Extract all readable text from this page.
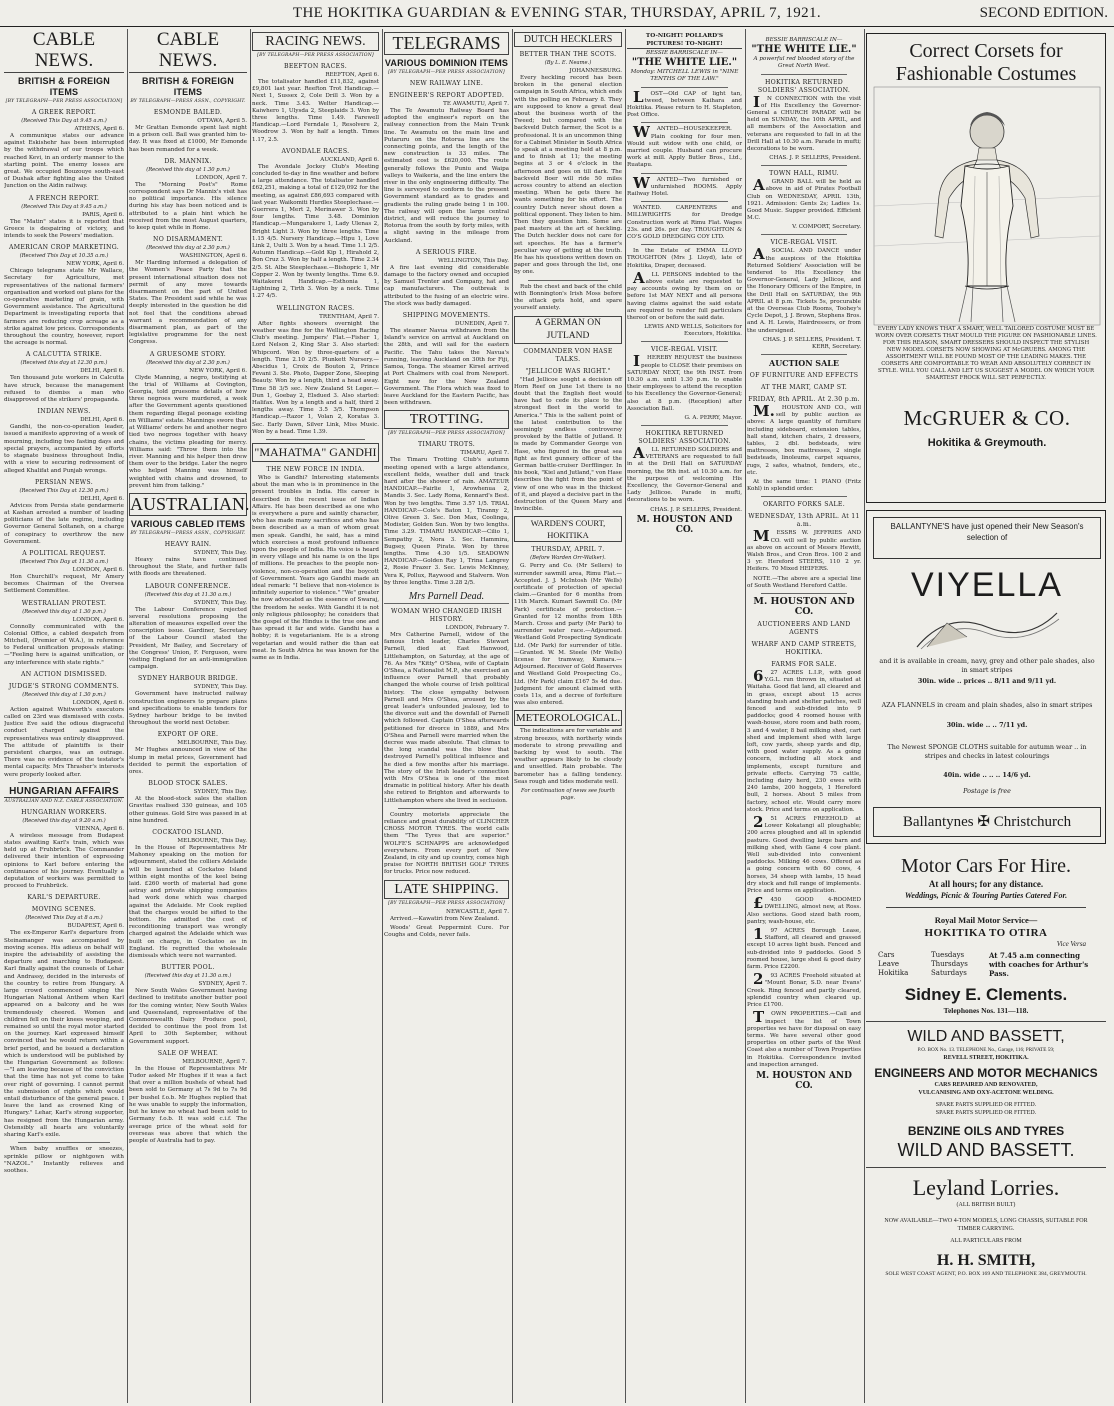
THE HOKITIKA GUARDIAN & EVENING STAR, THURSDAY, APRIL 7, 1921.	SECOND EDITION.
CABLE NEWS.
BRITISH & FOREIGN ITEMS
[BY TELEGRAPH—PER PRESS ASSOCIATION]
A GREEK REPORT.
(Received This Day at 9.45 a.m.)

ATHENS, April 6.

A communique states our advance against Eskishehr has been interrupted by the withdrawal of our troops which reached Kevi, in an orderly manner to the starting point. The enemy losses are great. We occupied Bouzouye south-east of Dushak after fighting also the United Junction on the Aidin railway.

A FRENCH REPORT.
(Received This Day at 9.45 a.m.)

PARIS, April 6.

The "Matin" states it is reported that Greece is despairing of victory, and intends to seek the Powers' mediation.

AMERICAN CROP MARKETING.
(Received This Day at 10.35 a.m.)

NEW YORK, April 6.

Chicago telegrams state Mr Wallace, Secretary for Agriculture, met representatives of the national farmers' organisation and worked out plans for the co-operative marketing of grain, with Government assistance. The Agricultural Department is investigating reports that farmers are reducing crop acreage as a strike against low prices. Correspondents throughout the country, however, report the acreage is normal.

A CALCUTTA STRIKE.
(Received this day at 12.30 p.m.)

DELHI, April 6.

Ten thousand jute workers in Calcutta have struck, because the management refused to dismiss a man who disapproved of the strikers' propaganda.

INDIAN NEWS.

DELHI, April 6.

Gandhi, the non-co-operation leader, issued a manifesto approving of a week of mourning, including two fasting days and special prayers, accompanied by efforts to stagnate business throughout India, with a view to securing redressment of alleged Khalifat and Punjab wrongs.

PERSIAN NEWS.
(Received This Day at 12.30 p.m.)

DELHI, April 6.

Advices from Persia state gendarmerie at Kashan arrested a number of leading politicians of the late regime, including Governor General Soltaneh, on a charge of conspiracy to overthrow the new Government.

A POLITICAL REQUEST.
(Received This Day at 11.30 a.m.)

LONDON, April 6.

Hon Churchill's request, Mr Amery becomes Chairman of the Oversea Settlement Committee.

WESTRALIAN PROTEST.
(Received this day at 1.30 p.m.)

LONDON, April 6.

Connolly communicated with the Colonial Office, a cabled despatch from Mitchell, (Premier of W.A.), in reference to Federal unification proposals stating:—"Feeling here is against unification, or any interference with state rights."

AN ACTION DISMISSED.
JUDGE'S STRONG COMMENTS.
(Received this day at 1.30 p.m.)

LONDON, April 6.

Action against Whitworth's executors called on 23rd was dismissed with costs. Justice Eve said the odious disgraceful conduct charged against the representatives was entirely disapproved. The attitude of plaintiffs is their persistent charges, was an outrage. There was no evidence of the testator's mental capacity. Mrs Thrasher's interests were properly looked after.

HUNGARIAN AFFAIRS
AUSTRALIAN AND N.Z. CABLE ASSOCIATION.
HUNGARIAN WORKERS.
(Received this day at 9.20 a.m.)

VIENNA, April 6.

A wireless message from Budapest states awaiting Karl's train, which was held up at Fruhbrück. The Commander delivered their intention of expressing opinions to Karl before entering the continuance of his journey. Eventually a deputation of workers was permitted to proceed to Fruhbrück.

KARL'S DEPARTURE.
MOVING SCENES.
(Received This Day at 8 a.m.)

BUDAPEST, April 6.

The ex-Emperor Karl's departure from Steinamanger was accompanied by moving scenes. His adieus on behalf will inspire the advisability of assisting the departure and marching to Budapest. Karl finally against the counsels of Lehar and Andrassy, decided in the interests of the country to retire from Hungary. A large crowd commenced singing the Hungarian National Anthem when Karl appeared on a balcony and he was tremendously cheered. Women and children fell on their knees weeping, and remained so until the royal motor started on the journey. Karl expressed himself convinced that he would return within a brief period, and he issued a declaration which is understood will be published by the Hungarian Government as follows:—"I am leaving because of the conviction that the time has not yet come to take over right of governing. I cannot permit the submission of rights which would entail disturbance of the general peace. I leave the land as crowned King of Hungary." Lehar, Karl's strong supporter, has resigned from the Hungarian army. Ostensibly all hearts are voluntarily sharing Karl's exile.

When baby snuffles or sneezes, sprinkle pillow or nightgown with "NAZOL." Instantly relieves and soothes.

CABLE NEWS.
BRITISH & FOREIGN ITEMS
BY TELEGRAPH—PRESS ASSN., COPYRIGHT.
ESMONDE BAILED.

OTTAWA, April 5.

Mr Grattan Esmonde spent last night in a prison cell. Bail was granted him to-day. It was fixed at £1000, Mr Esmonde has been remanded for a week.

DR. MANNIX.
(Received this day at 1.30 p.m.)

LONDON, April 7.

The "Morning Post's" Rome correspondent says Dr Mannix's visit has no political importance. His silence during his stay has been noticed and is attributed to a plain hint which he received from the most August quarters, to keep quiet while in Rome.

NO DISARMAMENT.
(Received this day at 2.30 p.m.)

WASHINGTON, April 6.

Mr Harding informed a delegation of the Women's Peace Party that the present international situation does not permit of any move towards disarmament on the part of United States. The President said while he was deeply interested in the question he did not feel that the conditions abroad warrant a recommendation of any disarmament plan, as part of the legislative programme for the next Congress.

A GRUESOME STORY.
(Received this day at 2.30 p.m.)

NEW YORK, April 6.

Clyde Manning, a negro, testifying at the trial of Williams at Covington, Georgia, told gruesome details of how three negroes were murdered, a week after the Government agents questioned them regarding illegal peonage existing on Williams' estate. Mannings swore that at Williams' orders he and another negro tied two negroes together with heavy chains, the victims pleading for mercy. Williams said: "Throw them into the river. Manning and his helper then drew them over to the bridge. Later the negro who helped Manning was himself weighted with chains and drowned, to prevent him from talking."

AUSTRALIAN.
VARIOUS CABLED ITEMS
BY TELEGRAPH—PRESS ASSN., COPYRIGHT.
HEAVY RAIN.

SYDNEY, This Day.

Heavy rains have continued throughout the State, and further falls with floods are threatened.

LABOUR CONFERENCE.
(Received this day at 11.30 a.m.)

SYDNEY, This Day.

The Labour Conference rejected several resolutions proposing the alteration of measures expelled over the conscription issue. Gardiner, Secretary of the Labour Council stated the President, Mr Bailey, and Secretary of the Congress' Union, F. Ferguson, were visiting England for an anti-immigration campaign.

SYDNEY HARBOUR BRIDGE.

SYDNEY, This Day.

Government have instructed railway construction engineers to prepare plans and specifications to enable tenders for Sydney harbour bridge to be invited throughout the world next October.

EXPORT OF ORE.

MELBOURNE, This Day.

Mr Hughes announced in view of the slump in metal prices, Government had decided to permit the exportation of ores.

BLOOD STOCK SALES.

SYDNEY, This Day.

At the blood-stock sales the stallion Gravitas realised 330 guineas, and 105 other guineas. Gold Sire was passed in at nine hundred.

COCKATOO ISLAND.

MELBOURNE, This Day.

In the House of Representatives Mr Mahoney speaking on the motion for adjournment, stated the colliers Adelaide will be launched at Cockatoo Island within eight months of the keel being laid. £260 worth of material had gone astray and private shipping companies had work done which was charged against the Adelaide. Mr Cook replied that the charges would be sifted to the bottom. He admitted the cost of reconditioning transport was wrongly charged against the Adelaide which was built on charge, in Cockatoo as in England. He regretted the wholesale dismissals which were not warranted.

BUTTER POOL.
(Received this day at 11.30 a.m.)

SYDNEY, April 7.

New South Wales Government having declined to institute another butter pool for the coming winter, New South Wales and Queensland, representative of the Commonwealth Dairy Produce pool, decided to continue the pool from 1st April to 30th September, without Government support.

SALE OF WHEAT.

MELBOURNE, April 7.

In the House of Representatives Mr Tudor asked Mr Hughes if it was a fact that over a million bushels of wheat had been sold to Germany at 7s 9d to 7s 9d per bushel f.o.b. Mr Hughes replied that he was unable to supply the information, but he knew no wheat had been sold to Germany f.o.b. It was sold c.i.f. The average price of the wheat sold for overseas was above that which the people of Australia had to pay.

RACING NEWS.
[BY TELEGRAPH—PER PRESS ASSOCIATION]
BEEFTON RACES.

REEFTON, April 6.

The totalisator handled £11,832, against £9,801 last year. Reefton Trot Handicap.—Next 1, Sussex 2, Cole Drill 3. Won by a neck. Time 3.43. Welter Handicap.—Kaiwhero 1, Ulysda 2, Steeplaids 3. Won by three lengths. Time 1.49. Farewell Handicap.—Lord Ferndale 1, Resolvere 2, Woodrow 3. Won by half a length. Times 1.17, 2.5.

AVONDALE RACES.

AUCKLAND, April 6.

The Avondale Jockey Club's Meeting concluded to-day in fine weather and before a large attendance. The totalisator handled £62,251, making a total of £129,092 for the meeting, as against £86,693 compared with last year. Waikomiti Hurdles Steeplechase.—Guerrera 1, Mert 2, Merinawer 3. Won by four lengths. Time 3.48. Dominion Handicap.—Mungarakere 1, Lady Ulenas 2, Bright Light 3. Won by three lengths. Time 1.15 4/5. Nursery Handicap.—Hipu 1, Love Link 2, Uulti 3. Won by a head. Time 1.1 2/5. Autumn Handicap.—Gold Kip 1, Hirahold 2, Bon Cruz 3. Won by half a length. Time 2.34 2/5. St. Albe Steeplechase.—Bishopric 1, Mr Copper 2. Won by twenty lengths. Time 6.9. Waitakerei Handicap.—Esthonia 1, Lightning 2, Tirth 3. Won by a neck. Time 1.27 4/5.

WELLINGTON RACES.

TRENTHAM, April 7.

After fights showers overnight the weather was fine for the Wellington Racing Club's meeting. Jumpers' Flat.—Fisher 1, Lord Nelson 2, King Star 3. Also started: Whipcord. Won by three-quarters of a length. Time 2.10 2/5. Plunkett Nursery.—Abscidus 1, Croix de Bouton 2, Prince Fevani 3. Ste. Photo, Dapper Zone, Sleeping Beauty. Won by a length, third a head away. Time 58 3/5 sec. New Zealand St Leger.—Dun 1, Goebay 2, Elsdued 3. Also started: Halifax. Won by a length and a half, third 2 lengths away. Time 3.5 3/5. Thompson Handicap.—Razor 1, Volan 2, Koratas 3. Sec. Early Dawn, Silver Link, Miss Music. Won by a head. Time 1.39.

"MAHATMA" GANDHI
THE NEW FORCE IN INDIA.

Who is Gandhi? Interesting statements about the man who is in prominence in the present troubles in India. His career is described in the recent issue of Indian Affairs. He has been described as one who is everywhere a pure and saintly character, who has made many sacrifices and who has been described as a man of whom great men speak. Gandhi, he said, has a mind which exercises a most profound influence upon the people of India. His voice is heard in every village and his name is on the lips of millions. He preaches to the people non-violence, non-co-operation and the boycott of Government. Years ago Gandhi made an ideal remark: "I believe that non-violence is infinitely superior to violence." "We" greater he now advocated as the essence of Swaraj, the freedom he seeks. With Gandhi it is not only religious philosophy; he considers that the gospel of the Hindus is the true one and has spread it far and wide. Gandhi has a hobby; it is vegetarianism. He is a strong vegetarian and would rather die than eat meat. In South Africa he was known for the same as in India.

TELEGRAMS
VARIOUS DOMINION ITEMS
[BY TELEGRAPH—PER PRESS ASSOCIATION]
NEW RAILWAY LINE.
ENGINEER'S REPORT ADOPTED.

TE AWAMUTU, April 7.

The Te Awamutu Railway Board has adopted the engineer's report on the railway connection from the Main Trunk line. Te Awamutu on the main line and Putaruru on the Rotorua line are the connecting points, and the length of the new construction is 33 miles. The estimated cost is £620,000. The route generally follows the Puniu and Waipa valleys to Waikeria, and the line enters the river in the only engineering difficulty. The line is surveyed to conform to the present Government standard as to grades and gradients the ruling grade being 1 in 100. The railway will open the large central district, and will reduce the journey to Rotorua from the south by forty miles, with a slight saving in the mileage from Auckland.

A SERIOUS FIRE.

WELLINGTON, This Day.

A fire last evening did considerable damage to the factory owned and occupied by Samuel Trenter and Company, hat and cap manufacturers. The outbreak is attributed to the fusing of an electric wire. The stock was badly damaged.

SHIPPING MOVEMENTS.

DUNEDIN, April 7.

The steamer Navua withdrawn from the Island's service on arrival at Auckland on the 28th, and will sail for the eastern Pacific. The Tahu takes the Navua's running, leaving Auckland on 30th for Fiji, Samoa, Tonga. The steamer Kirsel arrived at Port Chalmers with coal from Newport. Eight new for the New Zealand Government. The Flora which was fixed to leave Auckland for the Eastern Pacific, has been withdrawn.

TROTTING.
[BY TELEGRAPH—PER PRESS ASSOCIATION]
TIMARU TROTS.

TIMARU, April 7.

The Timaru Trotting Club's autumn meeting opened with a large attendance, excellent fields, weather dull and track hard after the shower of rain. AMATEUR HANDICAP.—Fairlie 1, Arowhenua 2, Mandis 3. Sec. Lady Roma, Kennard's Best. Won by two lengths. Time 3.57 1/5. TRIAL HANDICAP.—Cole's Baton 1, Tiranny 2, Olive Green 3. Sec. Don Max, Coolinga, Modister, Golden Sun. Won by two lengths. Time 3.29. TIMARU HANDICAP.—Cilio 1, Sempathy 2, Nora 3. Sec. Hammira, Bugsey, Queen Pirate. Won by three lengths. Time 4.30 1/5. SEADOWN HANDICAP.—Golden Ray 1, Trina Langrey 2, Rosie Frazer 3. Sec. Lewis McKinney, Vera K, Pollux, Raywood and Stalvern. Won by three lengths. Time 3.28 2/5.

Mrs Parnell Dead.
WOMAN WHO CHANGED IRISH HISTORY.

LONDON, February 7.

Mrs Catherine Parnell, widow of the famous Irish leader, Charles Stewart Parnell, died at East Hanwood, Littlehampton, on Saturday, at the age of 76. As Mrs "Kitty" O'Shea, wife of Captain O'Shea, a Nationalist M.P., she exercised an influence over Parnell that probably changed the whole course of Irish political history. The close sympathy between Parnell and Mrs O'Shea, aroused by the great leader's unfounded jealousy, led to the divorce suit and the downfall of Parnell which followed. Captain O'Shea afterwards petitioned for divorce in 1889, and Mrs O'Shea and Parnell were married when the decree was made absolute. That climax to the long scandal was the blow that destroyed Parnell's political influence and he died a few months after his marriage. The story of the Irish leader's connection with Mrs O'Shea is one of the most dramatic in political history. After his death she retired to Brighton and afterwards to Littlehampton where she lived in seclusion.

Country motorists appreciate the reliance and great durability of CLINCHER CROSS MOTOR TYRES. The world calls them "The Tyres that are superior." WOLFE'S SCHNAPPS are acknowledged everywhere. From every port of New Zealand, in city and up country, comes high praise for NORTH BRITISH GOLF TYRES for trucks. Price now reduced.

LATE SHIPPING.
[BY TELEGRAPH—PER PRESS ASSOCIATION]

NEWCASTLE, April 7.

Arrived.—Kawatiri from New Zealand.

Woods' Great Peppermint Cure. For Coughs and Colds, never fails.

DUTCH HECKLERS
BETTER THAN THE SCOTS.
(By L. E. Neame.)

JOHANNESBURG.

Every heckling record has been broken in the general election campaign in South Africa, which ends with the polling on February 8. They are supposed to know a great deal about the business worth of the Tweed; but compared with the backveld Dutch farmer, the Scot is a professional. It is an uncommon thing for a Cabinet Minister in South Africa to speak at a meeting held at 8 p.m. and to finish at 11; the meeting begins at 3 or 4 o'clock in the afternoon and goes on till dark. The backveld Boer will ride 50 miles across country to attend an election meeting. When he gets there he wants something for his effort. The country Dutch never shout down a political opponent. They listen to him. Then they question him. Some are past masters at the art of heckling. The Dutch heckler does not care for set speeches. He has a farmer's peculiar way of getting at the truth. He has his questions written down on paper and goes through the list, one by one.

Rub the chest and back of the child with Bonnington's Irish Moss before the attack gets hold, and spare yourself anxiety.

A GERMAN ON JUTLAND
COMMANDER VON HASE TALKS.
"JELLICOE WAS RIGHT."

"Had Jellicoe sought a decision off Horn Reef on June 1st there is no doubt that the English fleet would have had to cede its place to the strongest fleet in the world to America." This is the salient point of the latest contribution to the seemingly endless controversy provoked by the Battle of Jutland. It is made by Commander George von Hase, who figured in the great sea fight as first gunnery officer of the German battle-cruiser Derfflinger. In his book, "Kiel and Jutland," von Hase describes the fight from the point of view of one who was in the thickest of it, and played a decisive part in the destruction of the Queen Mary and Invincible.

WARDEN'S COURT, HOKITIKA
THURSDAY, APRIL 7.
(Before Warden Orr-Walker).

G. Perry and Co. (Mr Sellers) to surrender sawmill area, Rimu Flat.—Accepted. J. J. McIntosh (Mr Wells) certificate of protection of special claim.—Granted for 6 months from 11th March. Kumari Sawmill Co. (Mr Park) certificate of protection.—Granted for 12 months from 18th March. Cross and party (Mr Park) to surrender water race.—Adjourned. Westland Gold Prospecting Syndicate Ltd. (Mr Park) for surrender of title.—Granted. W. M. Steele (Mr Wells) license for tramway, Kumara.—Adjourned. Receiver of Gold Reserves and Westland Gold Prospecting Co., Ltd. (Mr Park) claim £167 5s 4d due. Judgment for amount claimed with costs 11s, and a decree of forfeiture was also entered.

METEOROLOGICAL.

The indications are for variable and strong breezes, with northerly winds moderate to strong prevailing and backing by west to south. The weather appears likely to be cloudy and unsettled. Rain probable. The barometer has a falling tendency. Seas rough and tides moderate well.

For continuation of news see fourth page.

TO-NIGHT! POLLARD'S PICTURES! TO-NIGHT!
BESSIE BARRISCALE IN—
"THE WHITE LIE."

Monday: MITCHELL LEWIS in "NINE TENTHS OF THE LAW."

LOST—Old CAP of light tan, tweed, between Kaihara and Hokitika. Please return to H. Stapleton, Post Office.

WANTED—HOUSEKEEPER. Plain cooking for four men. Would suit widow with one child, or married couple. Husband can procure work at mill. Apply Butler Bros., Ltd., Ruatapu.

WANTED—Two furnished or unfurnished ROOMS. Apply Railway Hotel.

WANTED. CARPENTERS and MILLWRIGHTS for Dredge Construction work at Rimu Flat. Wages 23s. and 26s. per day. TROUGHTON & CO'S GOLD DREDGING COY LTD.

In the Estate of EMMA LLOYD TROUGHTON (Mrs J. Lloyd), late of Hokitika, Draper, deceased.

ALL PERSONS indebted to the above estate are requested to pay accounts owing by them on or before 1st MAY NEXT and all persons having claims against the said estate are required to render full particulars thereof on or before the said date.

LEWIS AND WELLS, Solicitors for Executors, Hokitika.

VICE-REGAL VISIT.

IHEREBY REQUEST the business people to CLOSE their premises on SATURDAY NEXT, the 9th INST. from 10.30 a.m. until 1.30 p.m. to enable their employees to attend the reception to his Excellency the Governor-General; also at 8 p.m. (Reception) after Association Ball.

G. A. PERRY, Mayor.

HOKITIKA RETURNED SOLDIERS' ASSOCIATION.

ALL RETURNED SOLDIERS and VETERANS are requested to fall in at the Drill Hall on SATURDAY morning, the 9th inst. at 10.30 a.m. for the purpose of welcoming His Excellency, the Governor-General and Lady Jellicoe. Parade in mufti, decorations to be worn.

CHAS. J. P. SELLERS, President.

M. HOUSTON AND CO.
BESSIE BARRISCALE IN—
"THE WHITE LIE."

A powerful red blooded story of the Great North West.

HOKITIKA RETURNED SOLDIERS' ASSOCIATION.

IN CONNECTION with the visit of His Excellency the Governor-General a CHURCH PARADE will be held on SUNDAY, the 10th APRIL, and all members of the Association and veterans are requested to fall in at the Drill Hall at 10.30 a.m. Parade in mufti; decorations to be worn.

CHAS. J. P. SELLERS, President.

TOWN HALL, RIMU.

AGRAND BALL will be held as above in aid of Pirates Football Club on WEDNESDAY, APRIL 13th, 1921. Admission: Gents 2s; Ladies 1s. Good Music. Supper provided. Efficient M.C.

V. COMPORT, Secretary.

VICE-REGAL VISIT.

ASOCIAL AND DANCE under the auspices of the Hokitika Returned Soldiers' Association will be tendered to His Excellency the Governor-General, Lady Jellicoe, and the Honorary Officers of the Empire, in the Drill Hall on SATURDAY, the 9th APRIL at 8 p.m. Tickets 5s, procurable at the Overseas Club Rooms, Toohey's Cycle Depot, J. J. Brown, Stephens Bros. and A. H. Lewis, Hairdressers, or from the undersigned.

CHAS. J. P. SELLERS, President. T. KERR, Secretary.

AUCTION SALE
OF FURNITURE AND EFFECTS
AT THE MART, CAMP ST.
FRIDAY, 8th APRIL. At 2.30 p.m.

M.HOUSTON AND CO., will sell by public auction as above: A large quantity of furniture including sideboard, extension tables, hall stand, kitchen chairs, 2 dressers, tables, 2 dbl. bedsteads, wire mattresses, box mattresses, 2 single bedsteads, linoleums, carpet squares, rugs, 2 safes, whatnot, fenders, etc., etc.

At the same time: 1 PIANO (Fritz Kohl) in splendid order.

OKARITO FORKS SALE.
WEDNESDAY, 13th APRIL. At 11 a.m.

MESSRS W. JEFFRIES AND CO. will sell by public auction as above on account of Messrs Hewitt, Walsh Bros., and Cron Bros. 100 2 and 3 yr. Hereford STEERS, 110 2 yr. Heifers. 70 Mixed HEIFERS.

NOTE.—The above are a special line of South Westland Hereford Cattle.

M. HOUSTON AND CO.
AUCTIONEERS AND LAND AGENTS
WHARF AND CAMP STREETS, HOKITIKA.
FARMS FOR SALE.

627 ACRES L.I.P., with good Y.G.L. run thrown in, situated at Waitaha. Good flat land, all cleared and in grass, except about 15 acres standing bush and shelter patches, well fenced and sub-divided into 9 paddocks; good 4 roomed house with wash-house, store room and bath room, 3 and 4 water, 8 bail milking shed, cart shed and implement shed with large loft, cow yards, sheep yards and dip, with good water supply. As a going concern, including all stock and implements, except furniture and private effects. Carrying 75 cattle, including dairy herd, 230 ewes with 240 lambs, 200 hoggets, 1 Hereford bull, 2 horses. About 5 miles from factory, school etc. Would carry more stock. Price and terms on application.

251 ACRES FREEHOLD at Lower Kokatangi all ploughable; 200 acres ploughed and all in splendid pasture. Good dwelling large barn and milking shed, with Gane 4 cow plant. Well sub-divided into convenient paddocks. Milking 46 cows. Offered as a going concern with 60 cows, 4 horses, 34 sheep with lambs, 15 head dry stock and full range of implements. Price and terms on application.

£450 GOOD 4-ROOMED DWELLING, almost new, at Ross. Also sections. Good sized bath room, pantry, wash-house, etc.

197 ACRES Borough Lease, Stafford, all cleared and grassed except 10 acres light bush. Fenced and sub-divided into 9 paddocks. Good 5 roomed house, large shed & good dairy farm. Price £2200.

293 ACRES Freehold situated at "Mount Bonar, S.D. near Evans' Creek. Ring fenced and partly cleared, splendid country when cleared up. Price £1700.

TOWN PROPERTIES.—Call and inspect the list of Town properties we have for disposal on easy terms. We have several other good properties on other parts of the West Coast also a number of Town Properties in Hokitika. Correspondence invited and inspection arranged.

M. HOUSTON AND CO.
Correct Corsets for
Fashionable Costumes
EVERY LADY KNOWS THAT A SMART, WELL TAILORED COSTUME MUST BE WORN OVER CORSETS THAT MOULD THE FIGURE ON FASHIONABLE LINES. FOR THIS REASON, SMART DRESSERS SHOULD INSPECT THE STYLISH NEW MODEL CORSETS NOW SHOWING AT McGRUERS. AMONG THE ASSORTMENT WILL BE FOUND MOST OF THE LEADING MAKES. THE CORSETS ARE COMFORTABLE TO WEAR AND ABSOLUTELY CORRECT IN STYLE. WILL YOU CALL AND LET US SUGGEST A MODEL ON WHICH YOUR SMARTEST FROCK WILL SET PERFECTLY.
McGRUER & CO.
Hokitika & Greymouth.
BALLANTYNE'S have just opened their New Season's selection of
VIYELLA
and it is available in cream, navy, grey and other pale shades, also in smart stripes
30in. wide .. prices .. 8/11 and 9/11 yd.
AZA FLANNELS in cream and plain shades, also in smart stripes
30in. wide .. .. 7/11 yd.
The Newest SPONGE CLOTHS suitable for autumn wear .. in stripes and checks in latest colourings
40in. wide .. .. .. 14/6 yd.
Postage is free
Ballantynes ✠ Christchurch
Motor Cars For Hire.
At all hours; for any distance.
Weddings, Picnic & Touring Parties Catered For.
Royal Mail Motor Service—
HOKITIKA TO OTIRA
Vice Versa
Cars
Leave
Hokitika
Tuesdays
Thursdays
Saturdays
At 7.45 a.m connecting with coaches for Arthur's Pass.
Sidney E. Clements.
Telephones Nos. 131—118.
WILD AND BASSETT,
P.O. BOX No. 13. TELEPHONE No., Garage, 116; PRIVATE 59;
REVELL STREET, HOKITIKA.
ENGINEERS AND MOTOR MECHANICS
CARS REPAIRED AND RENOVATED,
VULCANISING AND OXY-ACETONE WELDING.
SPARE PARTS SUPPLIED OR FITTED.
SPARE PARTS SUPPLIED OR FITTED.
BENZINE OILS AND TYRES
WILD AND BASSETT.
Leyland Lorries.
(ALL BRITISH BUILT)
NOW AVAILABLE—TWO 4-TON MODELS, LONG CHASSIS, SUITABLE FOR TIMBER CARRYING.
ALL PARTICULARS FROM
H. H. SMITH,
SOLE WEST COAST AGENT, P.O. BOX 169 AND TELEPHONE 384, GREYMOUTH.
